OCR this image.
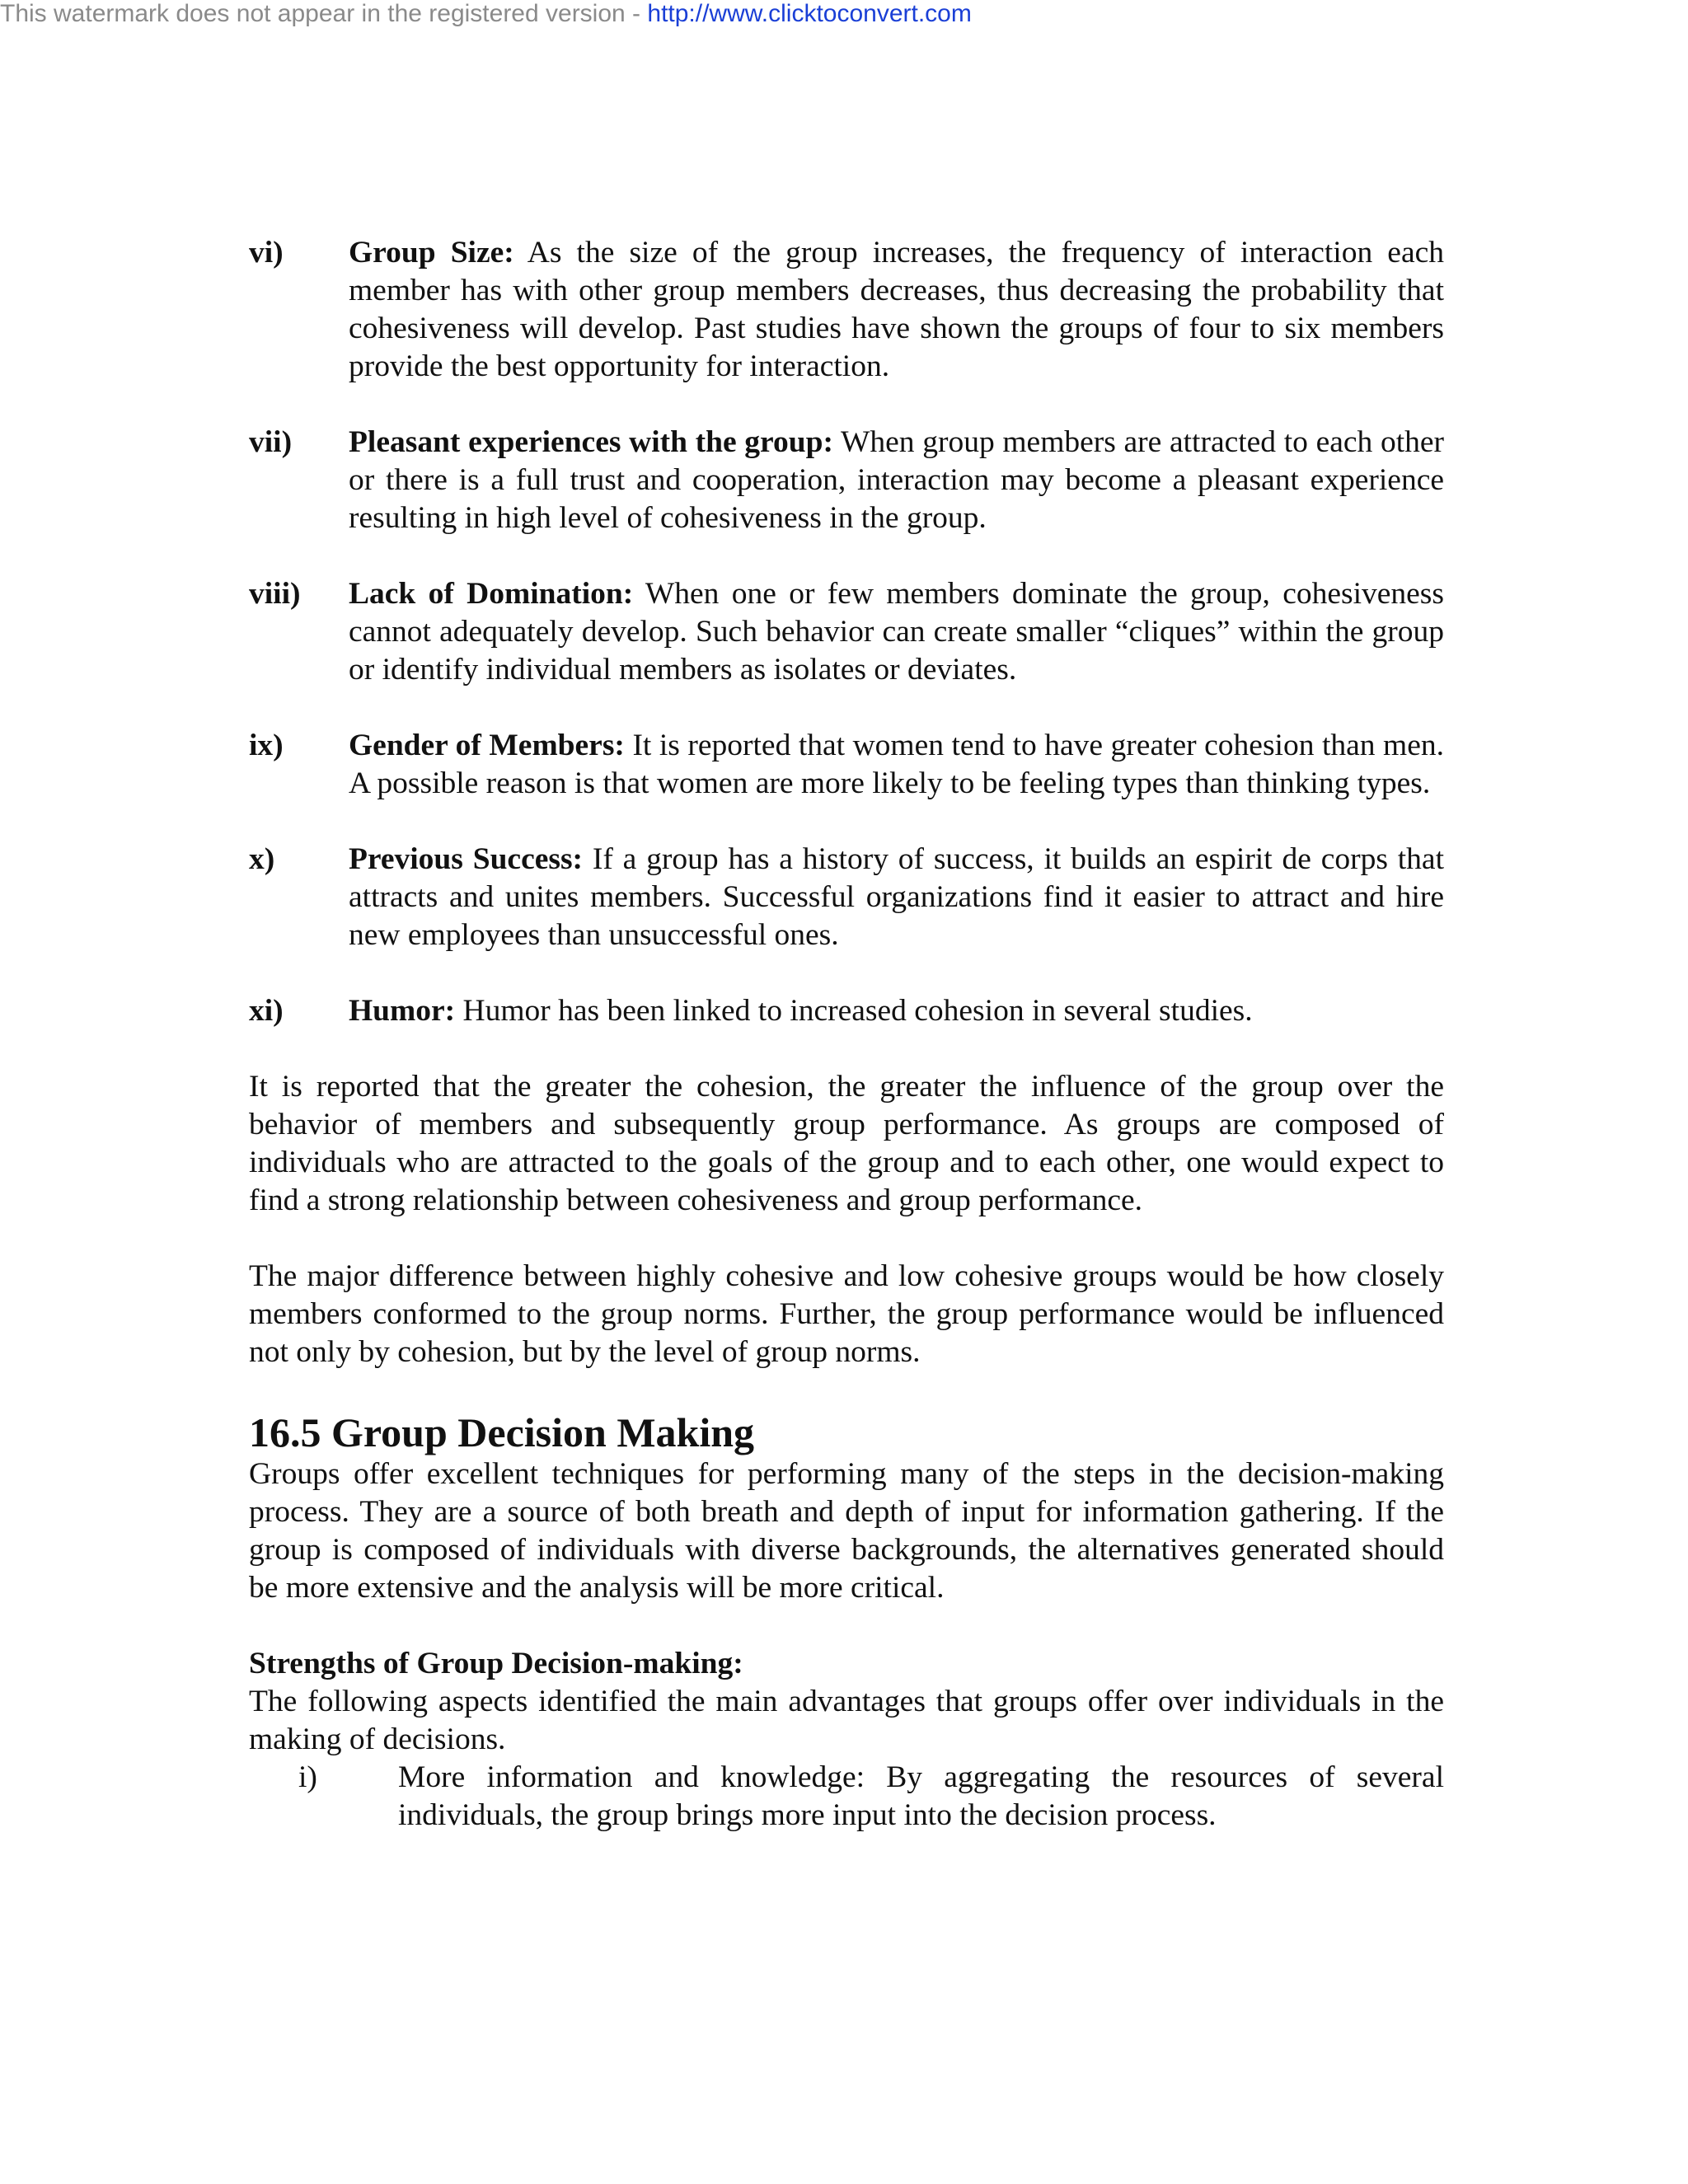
This watermark does not appear in the registered version - http://www.clicktoconvert.com
vi)	Group Size: As the size of the group increases, the frequency of interaction each member has with other group members decreases, thus decreasing the probability that cohesiveness will develop. Past studies have shown the groups of four to six members provide the best opportunity for interaction.
vii)	Pleasant experiences with the group: When group members are attracted to each other or there is a full trust and cooperation, interaction may become a pleasant experience resulting in high level of cohesiveness in the group.
viii)	Lack of Domination: When one or few members dominate the group, cohesiveness cannot adequately develop. Such behavior can create smaller “cliques” within the group or identify individual members as isolates or deviates.
ix)	Gender of Members: It is reported that women tend to have greater cohesion than men. A possible reason is that women are more likely to be feeling types than thinking types.
x)	Previous Success: If a group has a history of success, it builds an espirit de corps that attracts and unites members. Successful organizations find it easier to attract and hire new employees than unsuccessful ones.
xi)	Humor: Humor has been linked to increased cohesion in several studies.

It is reported that the greater the cohesion, the greater the influence of the group over the behavior of members and subsequently group performance. As groups are composed of individuals who are attracted to the goals of the group and to each other, one would expect to find a strong relationship between cohesiveness and group performance.

The major difference between highly cohesive and low cohesive groups would be how closely members conformed to the group norms. Further, the group performance would be influenced not only by cohesion, but by the level of group norms.

16.5 Group Decision Making

Groups offer excellent techniques for performing many of the steps in the decision-making process. They are a source of both breath and depth of input for information gathering. If the group is composed of individuals with diverse backgrounds, the alternatives generated should be more extensive and the analysis will be more critical.

Strengths of Group Decision-making:

The following aspects identified the main advantages that groups offer over individuals in the making of decisions.

i)	More information and knowledge: By aggregating the resources of several individuals, the group brings more input into the decision process.
